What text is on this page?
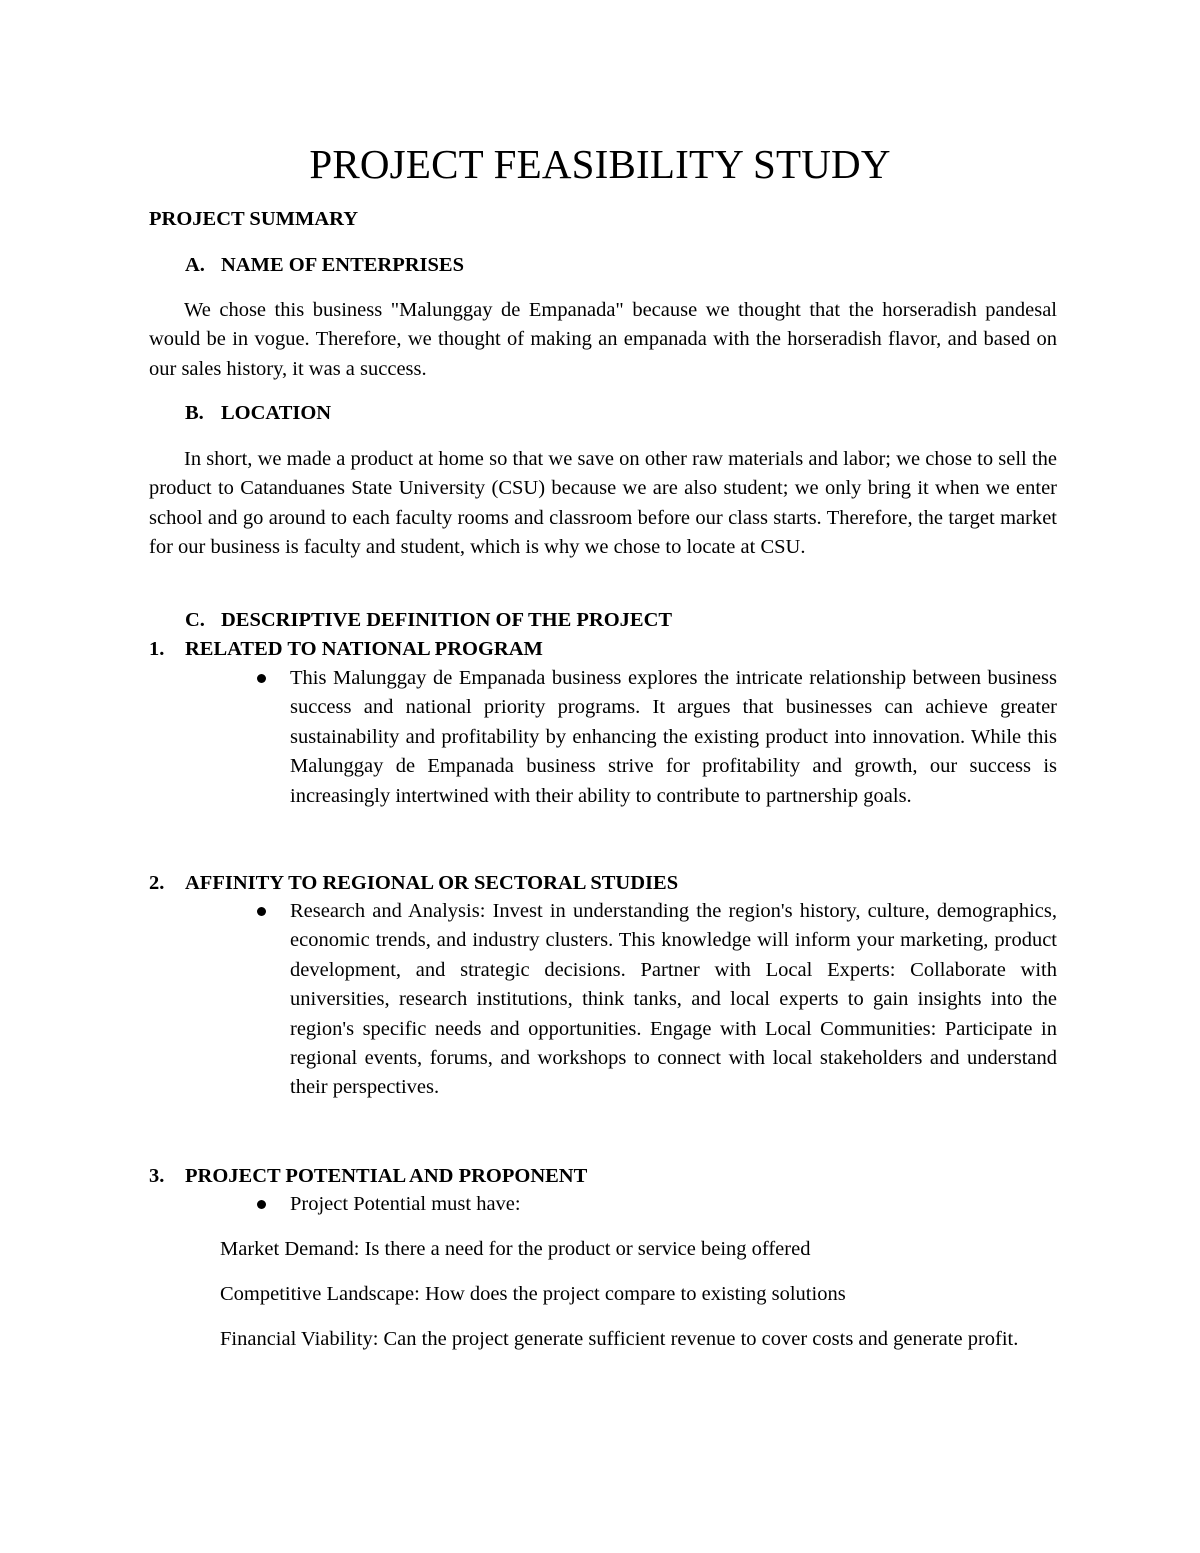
PROJECT FEASIBILITY STUDY
PROJECT SUMMARY
A. NAME OF ENTERPRISES

We chose this business "Malunggay de Empanada" because we thought that the horseradish pandesal would be in vogue. Therefore, we thought of making an empanada with the horseradish flavor, and based on our sales history, it was a success.

B. LOCATION

In short, we made a product at home so that we save on other raw materials and labor; we chose to sell the product to Catanduanes State University (CSU) because we are also student; we only bring it when we enter school and go around to each faculty rooms and classroom before our class starts. Therefore, the target market for our business is faculty and student, which is why we chose to locate at CSU.

C. DESCRIPTIVE DEFINITION OF THE PROJECT
1. RELATED TO NATIONAL PROGRAM

This Malunggay de Empanada business explores the intricate relationship between business success and national priority programs. It argues that businesses can achieve greater sustainability and profitability by enhancing the existing product into innovation. While this Malunggay de Empanada business strive for profitability and growth, our success is increasingly intertwined with their ability to contribute to partnership goals.

2. AFFINITY TO REGIONAL OR SECTORAL STUDIES

Research and Analysis: Invest in understanding the region's history, culture, demographics, economic trends, and industry clusters. This knowledge will inform your marketing, product development, and strategic decisions. Partner with Local Experts: Collaborate with universities, research institutions, think tanks, and local experts to gain insights into the region's specific needs and opportunities. Engage with Local Communities: Participate in regional events, forums, and workshops to connect with local stakeholders and understand their perspectives.

3. PROJECT POTENTIAL AND PROPONENT
Project Potential must have:
Market Demand: Is there a need for the product or service being offered
Competitive Landscape: How does the project compare to existing solutions

Financial Viability: Can the project generate sufficient revenue to cover costs and generate profit.
